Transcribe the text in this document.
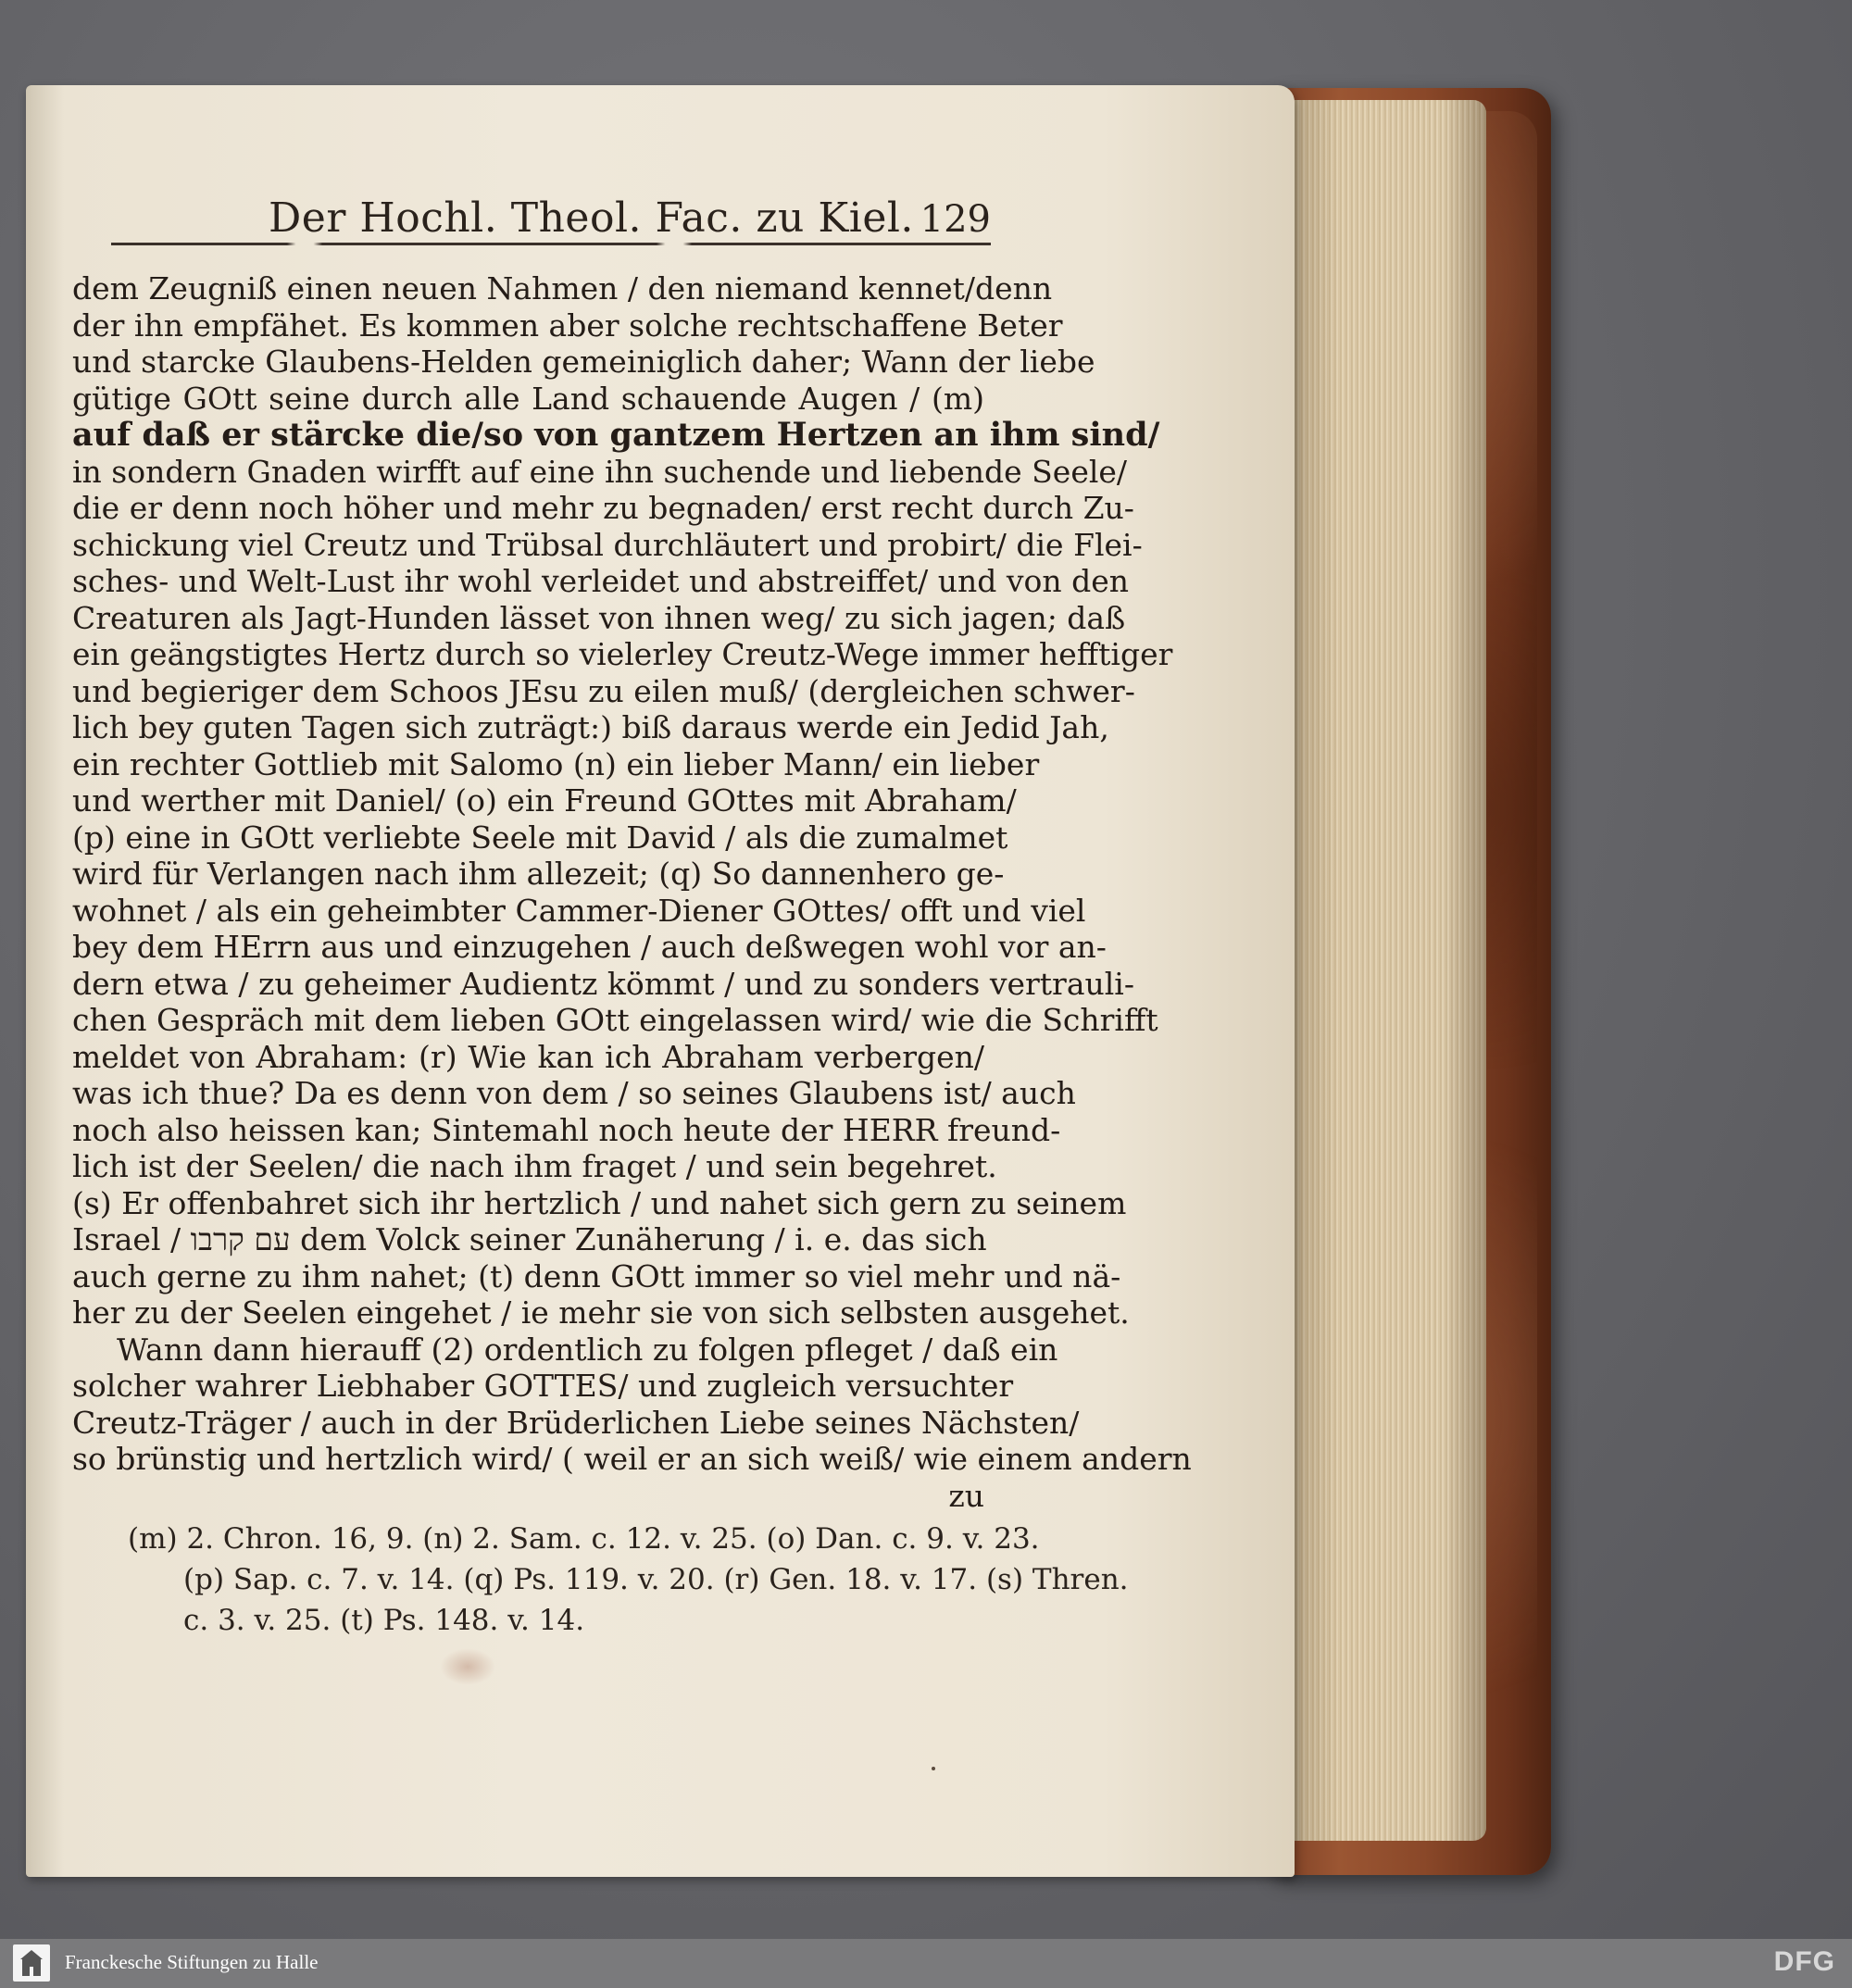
Der Hochl. Theol. Fac. zu Kiel. 129
dem Zeugniß einen neuen Nahmen / den niemand kennet/denn
der ihn empfähet. Es kommen aber solche rechtschaffene Beter
und starcke Glaubens-Helden gemeiniglich daher; Wann der liebe
gütige GOtt seine durch alle Land schauende Augen / (m)
auf daß er stärcke die/so von gantzem Hertzen an ihm sind/
in sondern Gnaden wirfft auf eine ihn suchende und liebende Seele/
die er denn noch höher und mehr zu begnaden/ erst recht durch Zu-
schickung viel Creutz und Trübsal durchläutert und probirt/ die Flei-
sches- und Welt-Lust ihr wohl verleidet und abstreiffet/ und von den
Creaturen als Jagt-Hunden lässet von ihnen weg/ zu sich jagen; daß
ein geängstigtes Hertz durch so vielerley Creutz-Wege immer hefftiger
und begieriger dem Schoos JEsu zu eilen muß/ (dergleichen schwer-
lich bey guten Tagen sich zuträgt:) biß daraus werde ein Jedid Jah,
ein rechter Gottlieb mit Salomo (n) ein lieber Mann/ ein lieber
und werther mit Daniel/ (o) ein Freund GOttes mit Abraham/
(p) eine in GOtt verliebte Seele mit David / als die zumalmet
wird für Verlangen nach ihm allezeit; (q) So dannenhero ge-
wohnet / als ein geheimbter Cammer-Diener GOttes/ offt und viel
bey dem HErrn aus und einzugehen / auch deßwegen wohl vor an-
dern etwa / zu geheimer Audientz kömmt / und zu sonders vertrauli-
chen Gespräch mit dem lieben GOtt eingelassen wird/ wie die Schrifft
meldet von Abraham: (r) Wie kan ich Abraham verbergen/
was ich thue? Da es denn von dem / so seines Glaubens ist/ auch
noch also heissen kan; Sintemahl noch heute der HERR freund-
lich ist der Seelen/ die nach ihm fraget / und sein begehret.
(s) Er offenbahret sich ihr hertzlich / und nahet sich gern zu seinem
Israel / עם קרבו dem Volck seiner Zunäherung / i. e. das sich
auch gerne zu ihm nahet; (t) denn GOtt immer so viel mehr und nä-
her zu der Seelen eingehet / ie mehr sie von sich selbsten ausgehet.
Wann dann hierauff (2) ordentlich zu folgen pfleget / daß ein
solcher wahrer Liebhaber GOTTES/ und zugleich versuchter
Creutz-Träger / auch in der Brüderlichen Liebe seines Nächsten/
so brünstig und hertzlich wird/ ( weil er an sich weiß/ wie einem andern
zu
(m) 2. Chron. 16, 9. (n) 2. Sam. c. 12. v. 25. (o) Dan. c. 9. v. 23.
(p) Sap. c. 7. v. 14. (q) Ps. 119. v. 20. (r) Gen. 18. v. 17. (s) Thren.
c. 3. v. 25. (t) Ps. 148. v. 14.
Franckesche Stiftungen zu Halle	DFG
